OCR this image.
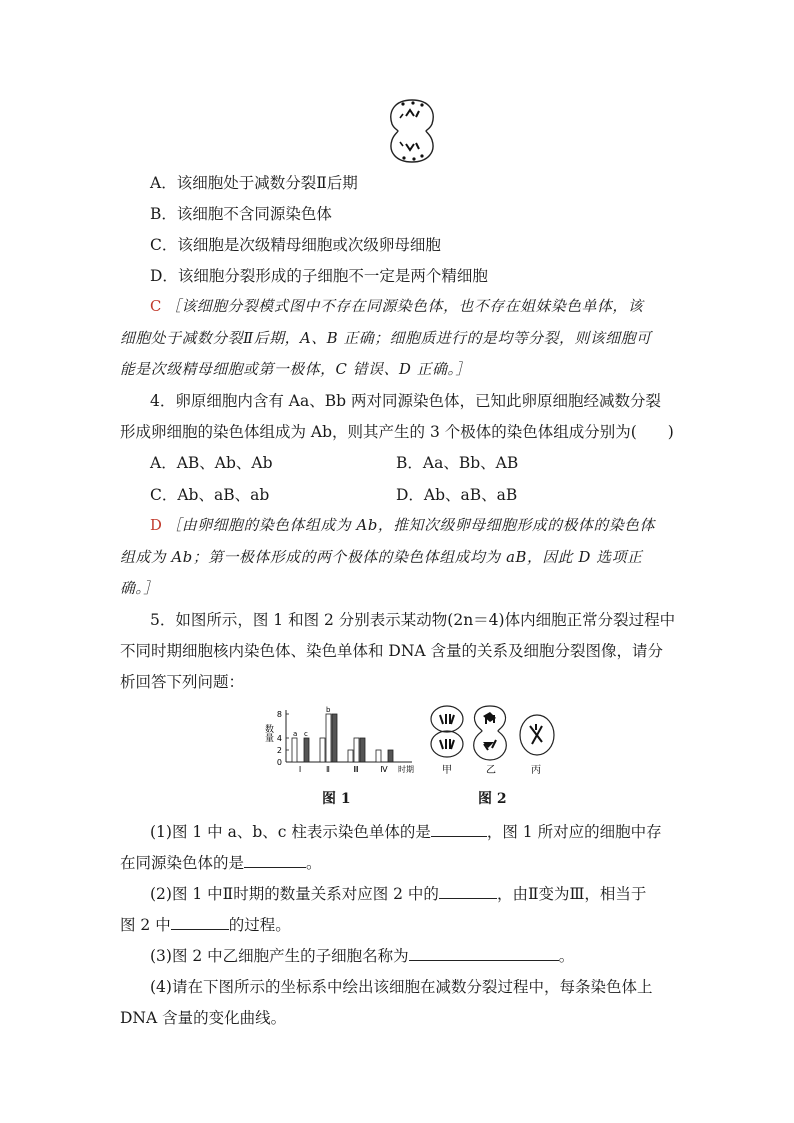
A．该细胞处于减数分裂Ⅱ后期
B．该细胞不含同源染色体
C．该细胞是次级精母细胞或次级卵母细胞
D．该细胞分裂形成的子细胞不一定是两个精细胞
C ［该细胞分裂模式图中不存在同源染色体，也不存在姐妹染色单体，该
细胞处于减数分裂Ⅱ后期，A、B 正确；细胞质进行的是均等分裂，则该细胞可
能是次级精母细胞或第一极体，C 错误、D 正确。］
4．卵原细胞内含有 Aa、Bb 两对同源染色体，已知此卵原细胞经减数分裂
形成卵细胞的染色体组成为 Ab，则其产生的 3 个极体的染色体组成分别为(　　)
A．AB、Ab、Ab	B．Aa、Bb、AB
C．Ab、aB、ab	D．Ab、aB、aB
D ［由卵细胞的染色体组成为 Ab，推知次级卵母细胞形成的极体的染色体
组成为 Ab；第一极体形成的两个极体的染色体组成均为 aB，因此 D 选项正
确。］
5．如图所示，图 1 和图 2 分别表示某动物(2n＝4)体内细胞正常分裂过程中
不同时期细胞核内染色体、染色单体和 DNA 含量的关系及细胞分裂图像，请分
析回答下列问题：
数量
0
2
4
8
Ⅰ	Ⅱ	Ⅲ	Ⅳ 时期
a c
b
图 1
甲	乙	丙
图 2
(1)图 1 中 a、b、c 柱表示染色单体的是	，图 1 所对应的细胞中存
在同源染色体的是	。
(2)图 1 中Ⅱ时期的数量关系对应图 2 中的	，由Ⅱ变为Ⅲ，相当于
图 2 中	的过程。
(3)图 2 中乙细胞产生的子细胞名称为	。
(4)请在下图所示的坐标系中绘出该细胞在减数分裂过程中，每条染色体上
DNA 含量的变化曲线。
